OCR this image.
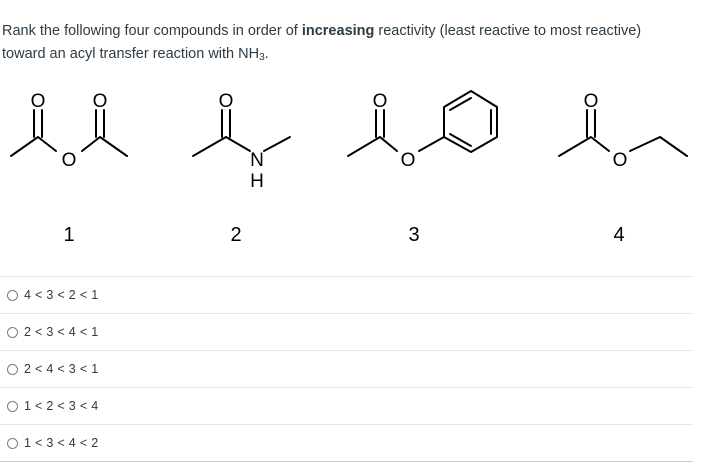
Rank the following four compounds in order of increasing reactivity (least reactive to most reactive)
toward an acyl transfer reaction with $NH_3$.
O O
O
O
N
H
O
O
O
O
1	2	3	4
4 < 3 < 2 < 1
2 < 3 < 4 < 1
2 < 4 < 3 < 1
1 < 2 < 3 < 4
1 < 3 < 4 < 2
